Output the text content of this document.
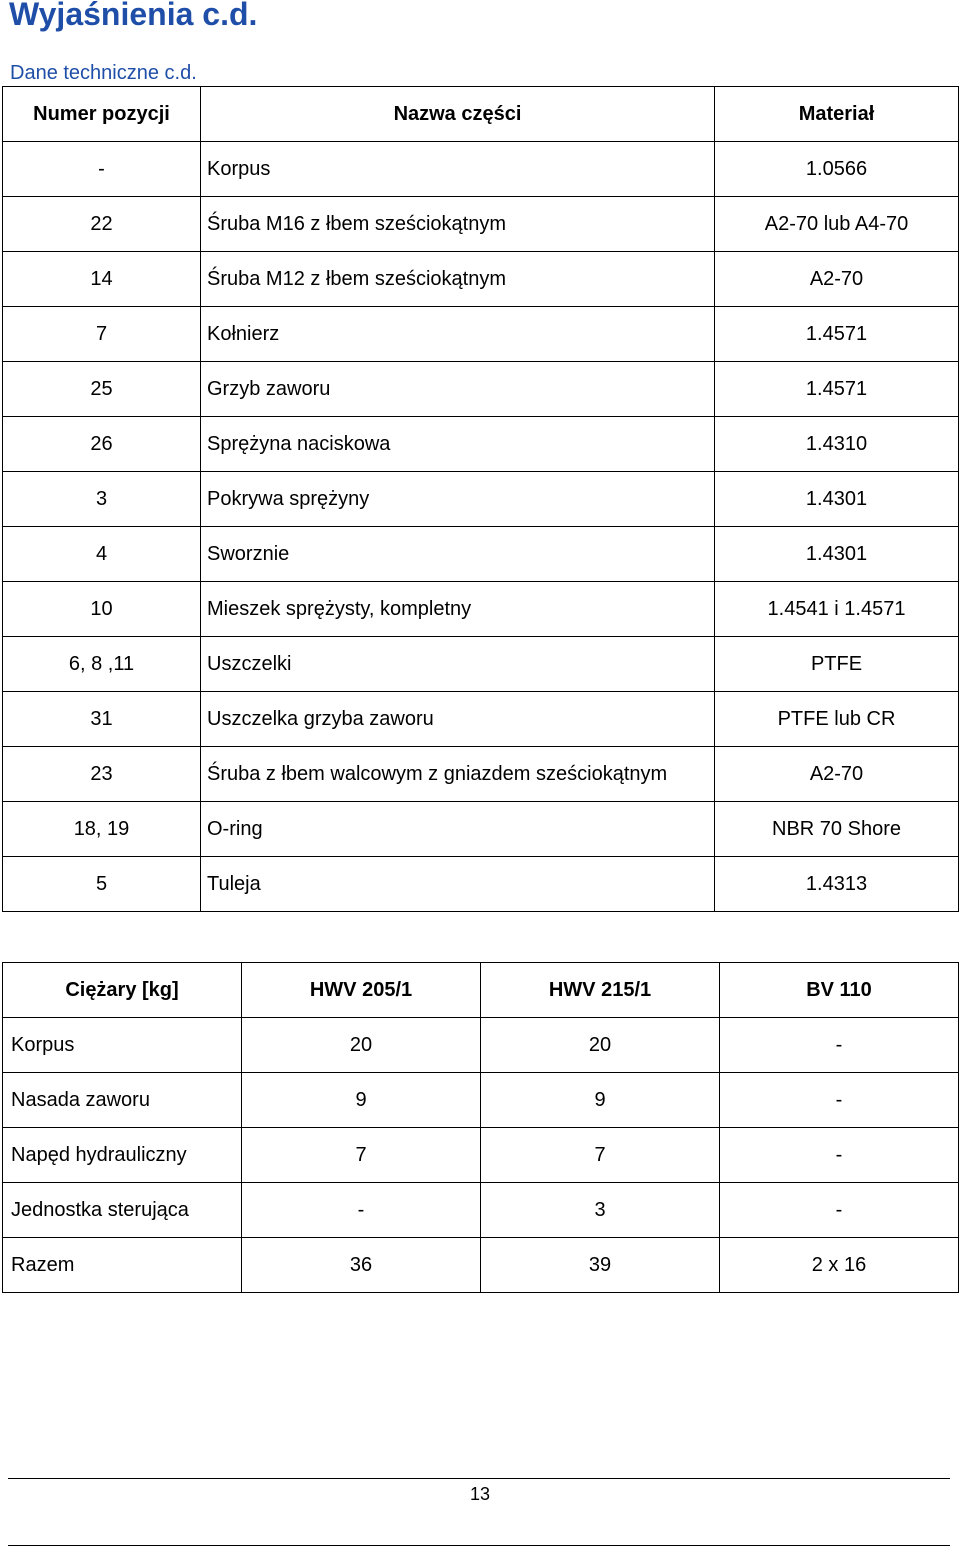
Wyjaśnienia c.d.
Dane techniczne c.d.
Numer pozycji	Nazwa części	Materiał
-	Korpus	1.0566
22	Śruba M16 z łbem sześciokątnym	A2-70 lub A4-70
14	Śruba M12 z łbem sześciokątnym	A2-70
7	Kołnierz	1.4571
25	Grzyb zaworu	1.4571
26	Sprężyna naciskowa	1.4310
3	Pokrywa sprężyny	1.4301
4	Sworznie	1.4301
10	Mieszek sprężysty, kompletny	1.4541 i 1.4571
6, 8 ,11	Uszczelki	PTFE
31	Uszczelka grzyba zaworu	PTFE lub CR
23	Śruba z łbem walcowym z gniazdem sześciokątnym	A2-70
18, 19	O-ring	NBR 70 Shore
5	Tuleja	1.4313
Ciężary [kg]	HWV 205/1	HWV 215/1	BV 110
Korpus	20	20	-
Nasada zaworu	9	9	-
Napęd hydrauliczny	7	7	-
Jednostka sterująca	-	3	-
Razem	36	39	2 x 16
13
